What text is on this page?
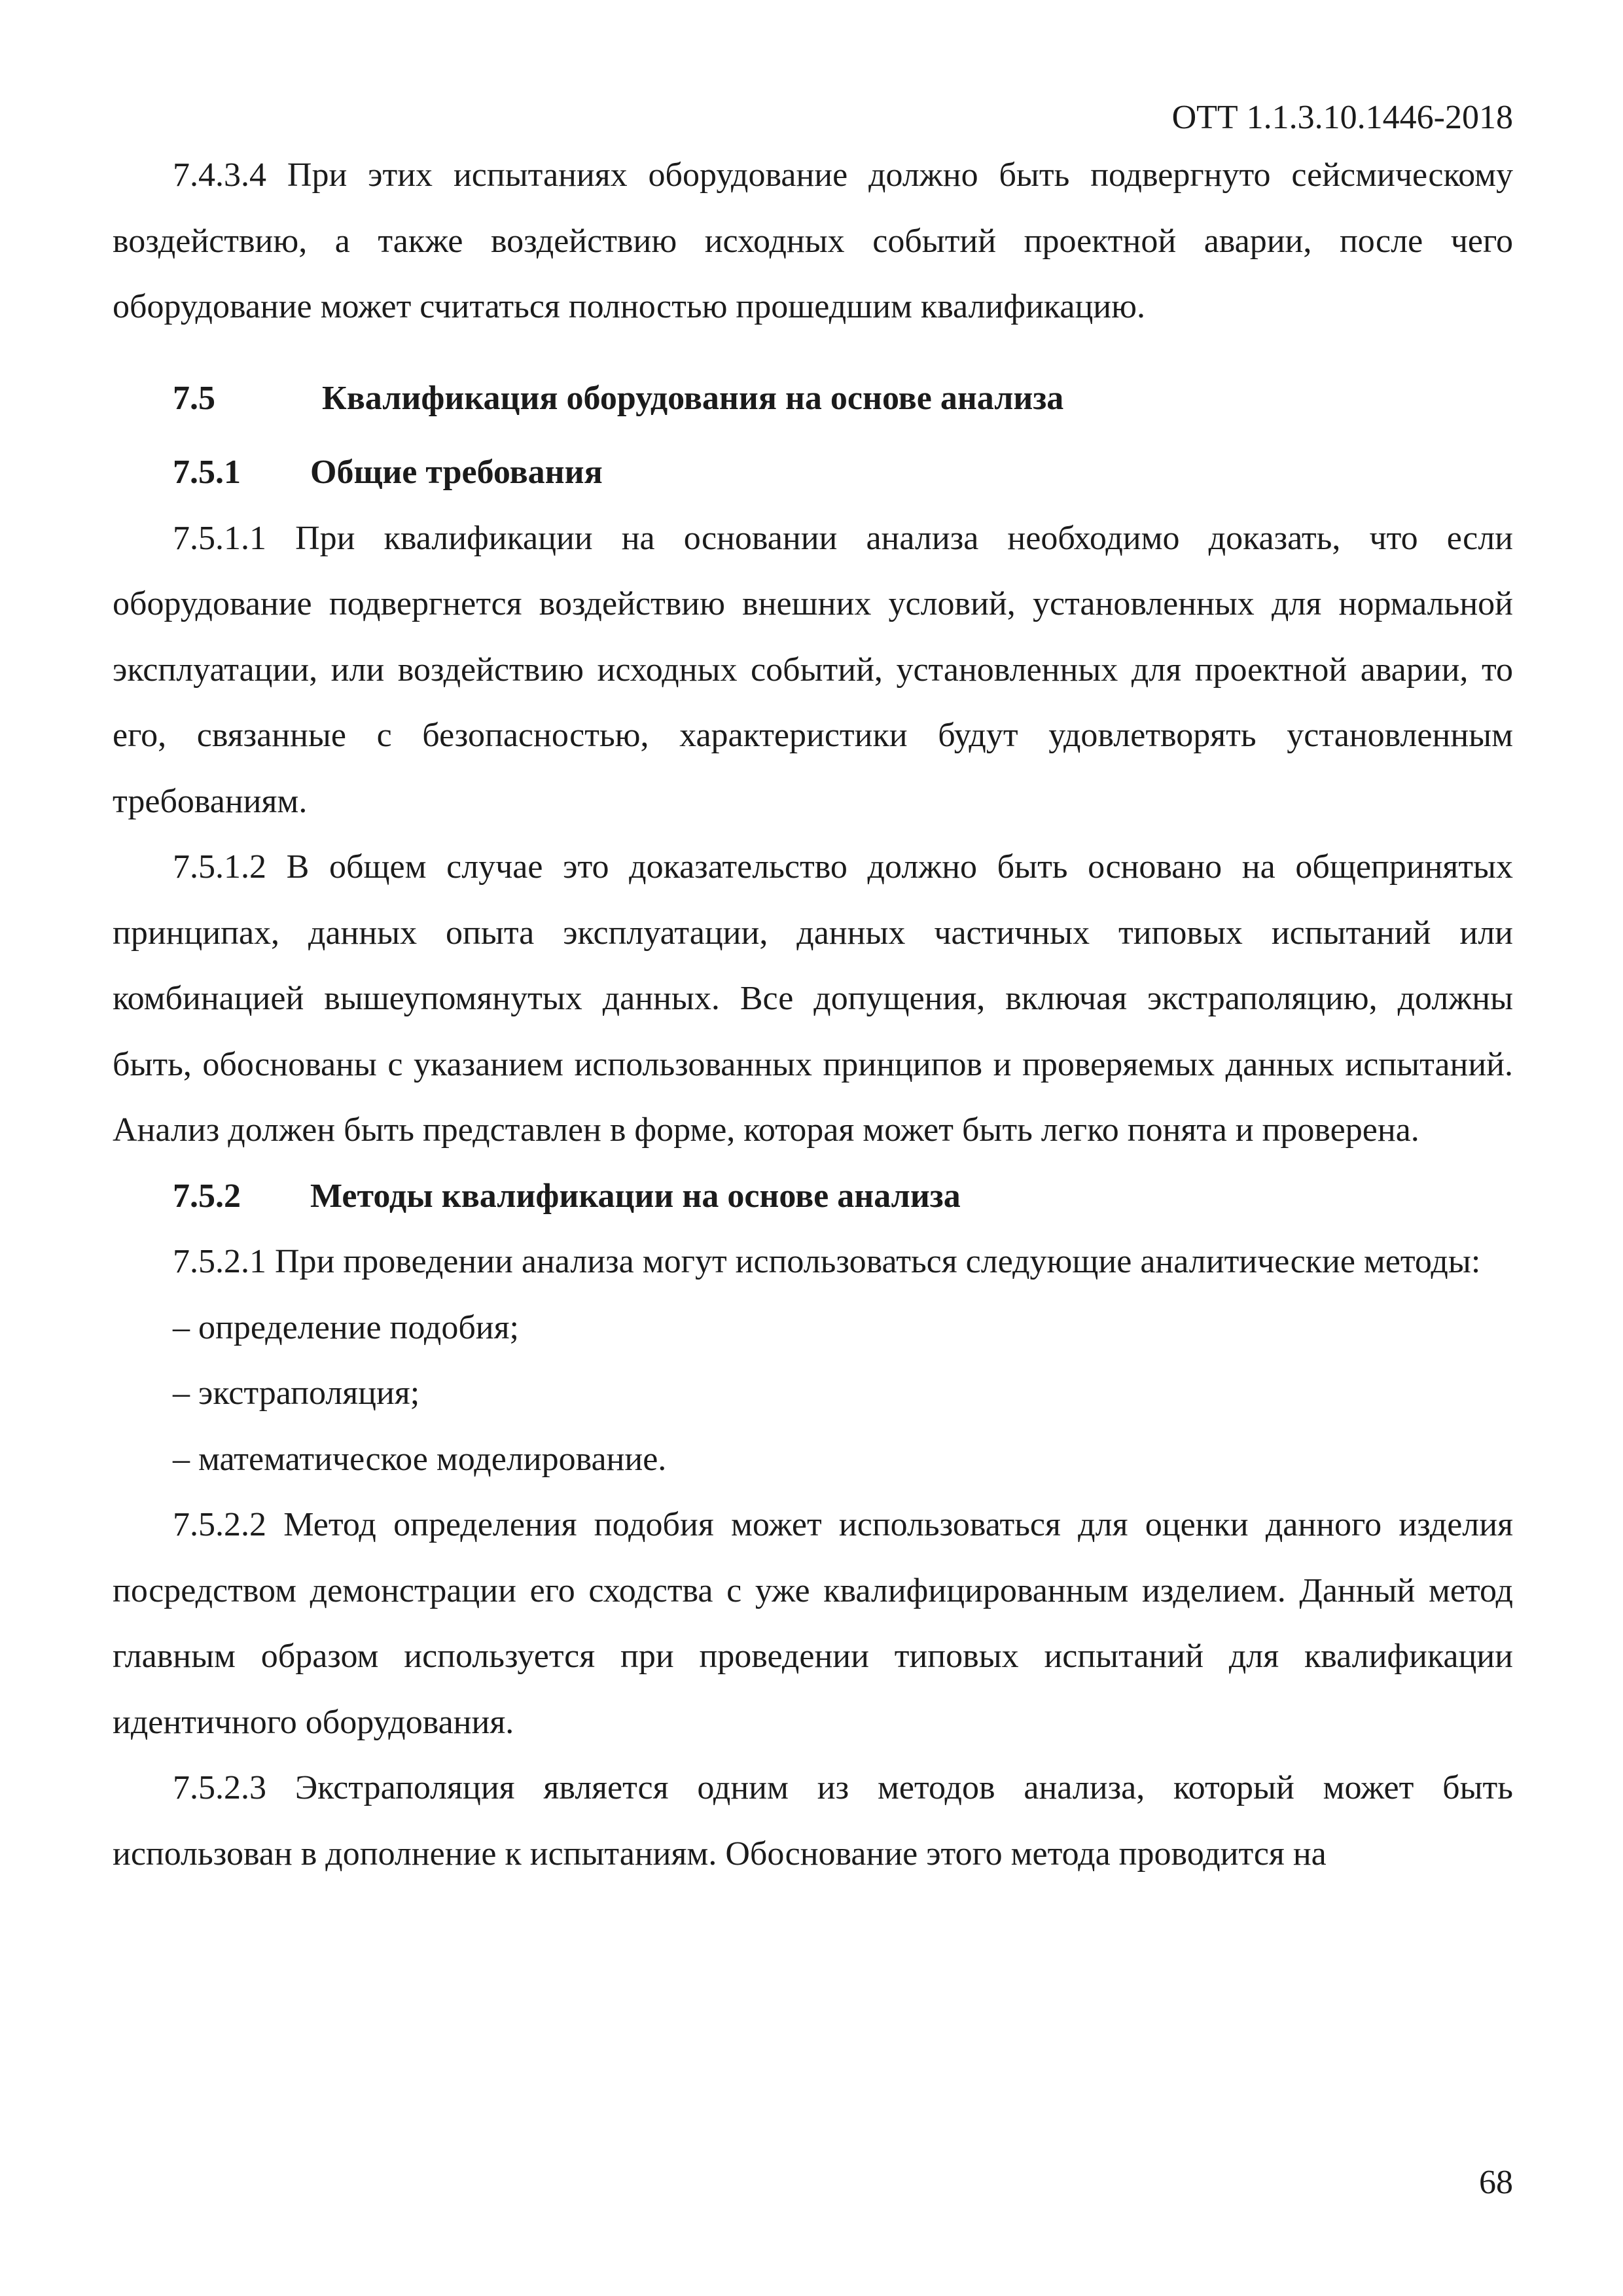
ОТТ 1.1.3.10.1446-2018

7.4.3.4 При этих испытаниях оборудование должно быть подвергнуто сейсмическому воздействию, а также воздействию исходных событий проектной аварии, после чего оборудование может считаться полностью прошедшим квалификацию.

7.5	Квалификация оборудования на основе анализа
7.5.1 Общие требования

7.5.1.1 При квалификации на основании анализа необходимо доказать, что если оборудование подвергнется воздействию внешних условий, установленных для нормальной эксплуатации, или воздействию исходных событий, установленных для проектной аварии, то его, связанные с безопасностью, характеристики будут удовлетворять установленным требованиям.

7.5.1.2 В общем случае это доказательство должно быть основано на общепринятых принципах, данных опыта эксплуатации, данных частичных типовых испытаний или комбинацией вышеупомянутых данных. Все допущения, включая экстраполяцию, должны быть, обоснованы с указанием использованных принципов и проверяемых данных испытаний. Анализ должен быть представлен в форме, которая может быть легко понята и проверена.

7.5.2 Методы квалификации на основе анализа

7.5.2.1 При проведении анализа могут использоваться следующие аналитические методы:

– определение подобия;
– экстраполяция;
– математическое моделирование.

7.5.2.2 Метод определения подобия может использоваться для оценки данного изделия посредством демонстрации его сходства с уже квалифицированным изделием. Данный метод главным образом используется при проведении типовых испытаний для квалификации идентичного оборудования.

7.5.2.3 Экстраполяция является одним из методов анализа, который может быть использован в дополнение к испытаниям. Обоснование этого метода проводится на

68
